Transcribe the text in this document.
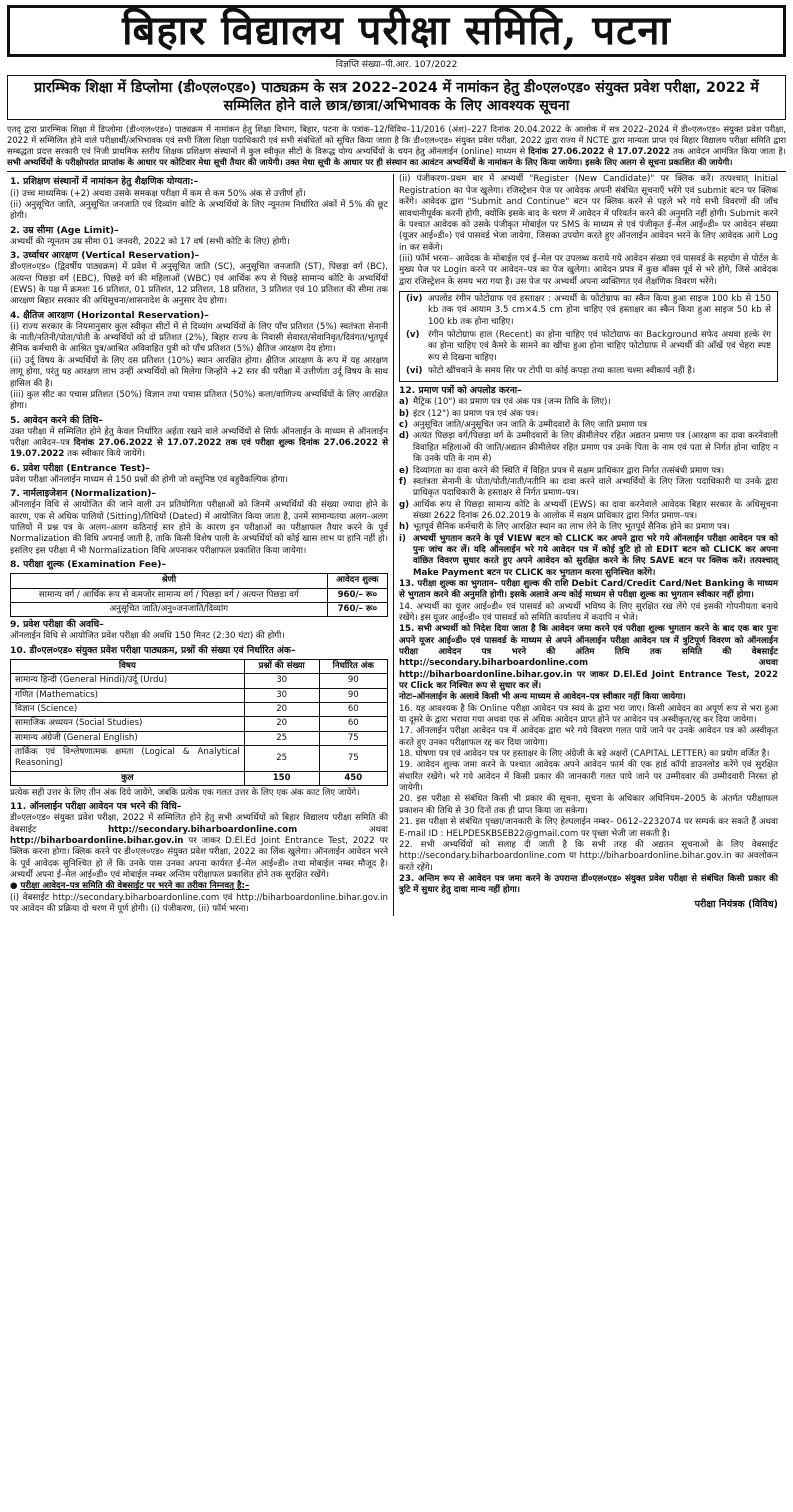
बिहार विद्यालय परीक्षा समिति, पटना
विज्ञप्ति संख्या–पी.आर. 107/2022
प्रारम्भिक शिक्षा में डिप्लोमा (डी०एल०एड०) पाठ्यक्रम के सत्र 2022–2024 में नामांकन हेतु डी०एल०एड० संयुक्त प्रवेश परीक्षा, 2022 में सम्मिलित होने वाले छात्र/छात्रा/अभिभावक के लिए आवश्यक सूचना
एतद् द्वारा प्रारम्भिक शिक्षा में डिप्लोमा (डी०एल०एड०) पाठ्यक्रम में नामांकन हेतु शिक्षा विभाग, बिहार, पटना के पत्रांक–12/विविध–11/2016 (अंश)–227 दिनांक 20.04.2022 के आलोक में सत्र 2022–2024 में डी०एल०एड० संयुक्त प्रवेश परीक्षा, 2022 में सम्मिलित होने वाले परीक्षार्थी/अभिभावक एवं सभी जिला शिक्षा पदाधिकारी एवं सभी संबंधितों को सूचित किया जाता है कि डी०एल०एड० संयुक्त प्रवेश परीक्षा, 2022 द्वारा राज्य में NCTE द्वारा मान्यता प्राप्त एवं बिहार विद्यालय परीक्षा समिति द्वारा सम्बद्धता प्रदत्त सरकारी एवं निजी प्राथमिक स्तरीय शिक्षक प्रशिक्षण संस्थानों में कुल स्वीकृत सीटों के विरूद्ध योग्य अभ्यर्थियों के चयन हेतु ऑनलाईन (online) माध्यम से दिनांक 27.06.2022 से 17.07.2022 तक आवेदन आमंत्रित किया जाता है। सभी अभ्यर्थियों के परीक्षोपरांत प्राप्तांक के आधार पर कोटिवार मेधा सूची तैयार की जायेगी। उक्त मेधा सूची के आधार पर ही संस्थान का आवंटन अभ्यर्थियों के नामांकन के लिए किया जायेगा। इसके लिए अलग से सूचना प्रकाशित की जायेगी।
1. प्रशिक्षण संस्थानों में नामांकन हेतु शैक्षणिक योग्यता:–

(i) उच्च माध्यमिक (+2) अथवा उसके समकक्ष परीक्षा में कम से कम 50% अंक से उत्तीर्ण हों।

(ii) अनुसूचित जाति, अनुसूचित जनजाति एवं दिव्यांग कोटि के अभ्यर्थियों के लिए न्यूनतम निर्धारित अंकों में 5% की छूट होगी।

2. उम्र सीमा (Age Limit)–

अभ्यर्थी की न्यूनतम उम्र सीमा 01 जनवरी, 2022 को 17 वर्ष (सभी कोटि के लिए) होगी।

3. उर्ध्वाधर आरक्षण (Vertical Reservation)–

डी०एल०एड० (द्विवर्षीय पाठ्यक्रम) में प्रवेश में अनुसूचित जाति (SC), अनुसूचित जनजाति (ST), पिछड़ा वर्ग (BC), अत्यन्त पिछड़ा वर्ग (EBC), पिछड़े वर्ग की महिलाओं (WBC) एवं आर्थिक रूप से पिछड़े सामान्य कोटि के अभ्यर्थियों (EWS) के पक्ष में क्रमशः 16 प्रतिशत, 01 प्रतिशत, 12 प्रतिशत, 18 प्रतिशत, 3 प्रतिशत एवं 10 प्रतिशत की सीमा तक आरक्षण बिहार सरकार की अधिसूचना/शासनादेश के अनुसार देय होगा।

4. क्षैतिज आरक्षण (Horizontal Reservation)–

(i) राज्य सरकार के नियमानुसार कुल स्वीकृत सीटों में से दिव्यांग अभ्यर्थियों के लिए पाँच प्रतिशत (5%) स्वतंत्रता सेनानी के नाती/नतिनी/पोता/पोती के अभ्यर्थियों को दो प्रतिशत (2%), बिहार राज्य के निवासी सेवारत/सेवानिवृत/दिवंगत/भूतपूर्व सैनिक कर्मचारी के आश्रित पुत्र/आश्रित अविवाहित पुत्री को पाँच प्रतिशत (5%) क्षैतिज आरक्षण देय होगा।

(ii) उर्दू विषय के अभ्यर्थियों के लिए दस प्रतिशत (10%) स्थान आरक्षित होगा। क्षैतिज आरक्षण के रूप में यह आरक्षण लागू होगा, परंतु यह आरक्षण लाभ उन्हीं अभ्यर्थियों को मिलेगा जिन्होंने +2 स्तर की परीक्षा में उत्तीर्णता उर्दू विषय के साथ हासिल की है।

(iii) कुल सीट का पचास प्रतिशत (50%) विज्ञान तथा पचास प्रतिशत (50%) कला/वाणिज्य अभ्यर्थियों के लिए आरक्षित होगा।

5. आवेदन करने की तिथि–

उक्त परीक्षा में सम्मिलित होने हेतु केवल निर्धारित अर्हता रखने वाले अभ्यर्थियों से सिर्फ ऑनलाईन के माध्यम से ऑनलाईन परीक्षा आवेदन–पत्र दिनांक 27.06.2022 से 17.07.2022 तक एवं परीक्षा शुल्क दिनांक 27.06.2022 से 19.07.2022 तक स्वीकार किये जायेंगे।

6. प्रवेश परीक्षा (Entrance Test)–

प्रवेश परीक्षा ऑनलाईन माध्यम से 150 प्रश्नों की होगी जो वस्तुनिष्ठ एवं बहुवैकल्पिक होगा।

7. नार्मलाइजेशन (Normalization)–

ऑनलाईन विधि से आयोजित की जाने वाली उन प्रतियोगिता परीक्षाओं को जिनमें अभ्यर्थियों की संख्या ज्यादा होने के कारण, एक से अधिक पालियों (Sitting)/तिथियों (Dated) में आयोजित किया जाता है, उनमें सामान्यतया अलग–अलग पालियों में प्रश्न पत्र के अलग–अलग कठिनाई स्तर होने के कारण इन परीक्षाओं का परीक्षाफल तैयार करने के पूर्व Normalization की विधि अपनाई जाती है, ताकि किसी विशेष पाली के अभ्यर्थियों को कोई खास लाभ या हानि नहीं हो। इसलिए इस परीक्षा में भी Normalization विधि अपनाकर परीक्षाफल प्रकाशित किया जायेगा।

8. परीक्षा शुल्क (Examination Fee)–
श्रेणी	आवेदन शुल्क
सामान्य वर्ग / आर्थिक रूप से कमजोर सामान्य वर्ग / पिछड़ा वर्ग / अत्यन्त पिछड़ा वर्ग	960/– रू०
अनुसूचित जाति/अनु०जनजाति/दिव्यांग	760/– रू०
9. प्रवेश परीक्षा की अवधि–

ऑनलाईन विधि से आयोजित प्रवेश परीक्षा की अवधि 150 मिनट (2:30 घंटा) की होगी।

10. डी०एल०एड० संयुक्त प्रवेश परीक्षा पाठ्यक्रम, प्रश्नों की संख्या एवं निर्धारित अंक–
विषय	प्रश्नों की संख्या	निर्धारित अंक
सामान्य हिन्दी (General Hindi)/उर्दू (Urdu)	30	90
गणित (Mathematics)	30	90
विज्ञान (Science)	20	60
सामाजिक अध्ययन (Social Studies)	20	60
सामान्य अंग्रेजी (General English)	25	75
तार्किक एवं विश्लेषणात्मक क्षमता (Logical & Analytical Reasoning)	25	75
कुल	150	450

प्रत्येक सही उत्तर के लिए तीन अंक दिये जायेंगे, जबकि प्रत्येक एक गलत उत्तर के लिए एक अंक काट लिए जायेंगे।

11. ऑनलाईन परीक्षा आवेदन पत्र भरने की विधि–

डी०एल०एड० संयुक्त प्रवेश परीक्षा, 2022 में सम्मिलित होने हेतु सभी अभ्यर्थियों को बिहार विद्यालय परीक्षा समिति की वेबसाईट	http://secondary.biharboardonline.com	अथवा http://biharboardonline.bihar.gov.in पर जाकर D.El.Ed Joint Entrance Test, 2022 पर क्लिक करना होगा। क्लिक करने पर डी०एल०एड० संयुक्त प्रवेश परीक्षा, 2022 का लिंक खुलेगा। ऑनलाईन आवेदन भरने के पूर्व आवेदक सुनिश्चित हो लें कि उनके पास उनका अपना कार्यरत ई–मेल आई०डी० तथा मोबाईल नम्बर मौजूद है। अभ्यर्थी अपना ई–मेल आई०डी० एवं मोबाईल नम्बर अन्तिम परीक्षाफल प्रकाशित होने तक सुरक्षित रखेंगे।

● परीक्षा आवेदन–पत्र समिति की वेबसाईट पर भरने का तरीका निम्नवत् है:–

(i) वेबसाईट http://secondary.biharboardonline.com एवं http://biharboardonline.bihar.gov.in पर आवेदन की प्रक्रिया दो चरण में पूर्ण होगी। (i) पंजीकरण, (ii) फॉर्म भरना।

(ii) पंजीकरण–प्रथम बार में अभ्यर्थी "Register (New Candidate)" पर क्लिक करें। तत्पश्चात् Initial Registration का पेज खुलेगा। रजिस्ट्रेशन पेज पर आवेदक अपनी संबंधित सूचनाएँ भरेंगे एवं submit बटन पर क्लिक करेंगे। आवेदक द्वारा "Submit and Continue" बटन पर क्लिक करने से पहले भरे गये सभी विवरणों की जाँच सावधानीपूर्वक करनी होगी, क्योंकि इसके बाद के चरण में आवेदन में परिवर्तन करने की अनुमति नहीं होगी। Submit करने के पश्चात आवेदक को उसके पंजीकृत मोबाईल पर SMS के माध्यम से एवं पंजीकृत ई–मेल आई०डी० पर आवेदन संख्या (यूजर आई०डी०) एवं पासवर्ड भेजा जायेगा, जिसका उपयोग करते हुए ऑनलाईन आवेदन भरने के लिए आवेदक आगे Log in कर सकेंगे।

(iii) फॉर्म भरना– आवेदक के मोबाईल एवं ई–मेल पर उपलब्ध कराये गये आवेदन संख्या एवं पासवर्ड के सहयोग से पोर्टल के मुख्य पेज पर Login करने पर आवेदन–पत्र का पेज खुलेगा। आवेदन प्रपत्र में कुछ बॉक्स पूर्व से भरे होंगे, जिसे आवेदक द्वारा रजिस्ट्रेशन के समय भरा गया है। उस पेज पर अभ्यर्थी अपना व्यक्तिगत एवं शैक्षणिक विवरण भरेंगे।

(iv) अपलोड रंगीन फोटोग्राफ एवं हस्ताक्षर : अभ्यर्थी के फोटोग्राफ का स्कैन किया हुआ साइज 100 kb से 150 kb तक एवं आयाम 3.5 cm×4.5 cm होना चाहिए एवं हस्ताक्षर का स्कैन किया हुआ साइज 50 kb से 100 kb तक होना चाहिए।
(v) रंगीन फोटोग्राफ हाल (Recent) का होना चाहिए एवं फोटोग्राफ का Background सफेद अथवा हल्के रंग का होना चाहिए एवं कैमरे के सामने का खींचा हुआ होना चाहिए फोटोग्राफ में अभ्यर्थी की आँखें एवं चेहरा स्पष्ट रूप से दिखना चाहिए।
(vi) फोटो खींचवाने के समय सिर पर टोपी या कोई कपड़ा तथा काला चश्मा स्वीकार्य नहीं है।
12. प्रमाण पत्रों को अपलोड करना–
a) मैट्रिक (10") का प्रमाण पत्र एवं अंक पत्र (जन्म तिथि के लिए)।
b) इंटर (12") का प्रमाण पत्र एवं अंक पत्र।
c) अनुसूचित जाति/अनुसूचित जन जाति के उम्मीदवारों के लिए जाति प्रमाण पत्र
d) अत्यंत पिछड़ा वर्ग/पिछड़ा वर्ग के उम्मीदवारों के लिए क्रीमीलेयर रहित अद्यतन प्रमाण पत्र (आरक्षण का दावा करनेवाली विवाहित महिलाओं की जाति/अद्यतन क्रीमीलेयर रहित प्रमाण पत्र उनके पिता के नाम एवं पता से निर्गत होना चाहिए न कि उनके पति के नाम से)
e) दिव्यांगता का दावा करने की स्थिति में विहित प्रपत्र में सक्षम प्राधिकार द्वारा निर्गत तत्संबंधी प्रमाण पत्र।
f) स्वतंत्रता सेनानी के पोता/पोती/नाती/नतीनि का दावा करने वाले अभ्यर्थियों के लिए जिला पदाधिकारी या उनके द्वारा प्राधिकृत पदाधिकारी के हस्ताक्षर से निर्गत प्रमाण–पत्र।
g) आर्थिक रूप से पिछड़ा सामान्य कोटि के अभ्यर्थी (EWS) का दावा करनेवाले आवेदक बिहार सरकार के अधिसूचना संख्या 2622 दिनांक 26.02.2019 के आलोक में सक्षम प्राधिकार द्वारा निर्गत प्रमाण–पत्र।
h) भूतपूर्व सैनिक कर्मचारी के लिए आरक्षित स्थान का लाभ लेने के लिए भूतपूर्व सैनिक होने का प्रमाण पत्र।
i) अभ्यर्थी भुगतान करने के पूर्व VIEW बटन को CLICK कर अपने द्वारा भरे गये ऑनलाईन परीक्षा आवेदन पत्र को पुनः जांच कर लें। यदि ऑनलाईन भरे गये आवेदन पत्र में कोई त्रुटि हो तो EDIT बटन को CLICK कर अपना वांछित विवरण सुधार करते हुए अपने आवेदन को सुरक्षित करने के लिए SAVE बटन पर क्लिक करें। तत्पश्चात् Make Payment बटन पर CLICK कर भुगतान करना सुनिश्चित करेंगे।

13. परीक्षा शुल्क का भुगतान– परीक्षा शुल्क की राशि Debit Card/Credit Card/Net Banking के माध्यम से भुगतान करने की अनुमति होगी। इसके अलावे अन्य कोई माध्यम से परीक्षा शुल्क का भुगतान स्वीकार नहीं होगा।

14. अभ्यर्थी का यूजर आई०डी० एवं पासवर्ड को अभ्यर्थी भविष्य के लिए सुरक्षित रख लेंगे एवं इसकी गोपनीयता बनाये रखेंगे। इस यूजर आई०डी० एवं पासवर्ड को समिति कार्यालय में कदापि न भेजे।

15. सभी अभ्यर्थी को निदेश दिया जाता है कि आवेदन जमा करने एवं परीक्षा शुल्क भुगतान करने के बाद एक बार पुनः अपने यूजर आई०डी० एवं पासवर्ड के माध्यम से अपने ऑनलाईन परीक्षा आवेदन पत्र में त्रुटिपूर्ण विवरण को ऑनलाईन परीक्षा आवेदन पत्र भरने की अंतिम तिथि तक समिति की वेबसाईट http://secondary.biharboardonline.com अथवा http://biharboardonline.bihar.gov.in पर जाकर D.El.Ed Joint Entrance Test, 2022 पर Click कर निश्चित रूप से सुधार कर लें।

नोटः–ऑनलाईन के अलावे किसी भी अन्य माध्यम से आवेदन–पत्र स्वीकार नहीं किया जायेगा।

16. यह आवश्यक है कि Online परीक्षा आवेदन पत्र स्वयं के द्वारा भरा जाए। किसी आवेदन का अपूर्ण रूप से भरा हुआ या दूसरे के द्वारा भराया गया अथवा एक से अधिक आवेदन प्राप्त होने पर आवेदन पत्र अस्वीकृत/रद्द कर दिया जायेगा।

17. ऑनलाईन परीक्षा आवेदन पत्र में आवेदक द्वारा भरे गये विवरण गलत पाये जाने पर उनके आवेदन पत्र को अस्वीकृत करते हुए उनका परीक्षाफल रद्द कर दिया जायेगा।

18. घोषणा पत्र एवं आवेदन पत्र पर हस्ताक्षर के लिए अंग्रेजी के बड़े अक्षरों (CAPITAL LETTER) का प्रयोग वर्जित है।

19. आवेदन शुल्क जमा करने के पश्चात आवेदक अपने आवेदन फार्म की एक हार्ड कॉपी डाउनलोड करेंगे एवं सुरक्षित संधारित रखेंगे। भरे गये आवेदन में किसी प्रकार की जानकारी गलत पाये जाने पर उम्मीदवार की उम्मीदवारी निरस्त हो जायेगी।

20. इस परीक्षा से संबंधित किसी भी प्रकार की सूचना, सूचना के अधिकार अधिनियम–2005 के अंतर्गत परीक्षाफल प्रकाशन की तिथि से 30 दिनों तक ही प्राप्त किया जा सकेगा।

21. इस परीक्षा से संबंधित पृच्छा/जानकारी के लिए हेल्पलाईन नम्बर– 0612–2232074 पर सम्पर्क कर सकते हैं अथवा E-mail ID : HELPDESKBSEB22@gmail.com पर पृच्छा भेजी जा सकती है।

22. सभी अभ्यर्थियों को सलाह दी जाती है कि सभी तरह की अद्यतन सूचनाओं के लिए वेबसाईट http://secondary.biharboardonline.com या http://biharboardonline.bihar.gov.in का अवलोकन करते रहेंगे।

23. अन्तिम रूप से आवेदन पत्र जमा करने के उपरान्त डी०एल०एड० संयुक्त प्रवेश परीक्षा से संबंधित किसी प्रकार की त्रुटि में सुधार हेतु दावा मान्य नहीं होगा।

परीक्षा नियंत्रक (विविध)
